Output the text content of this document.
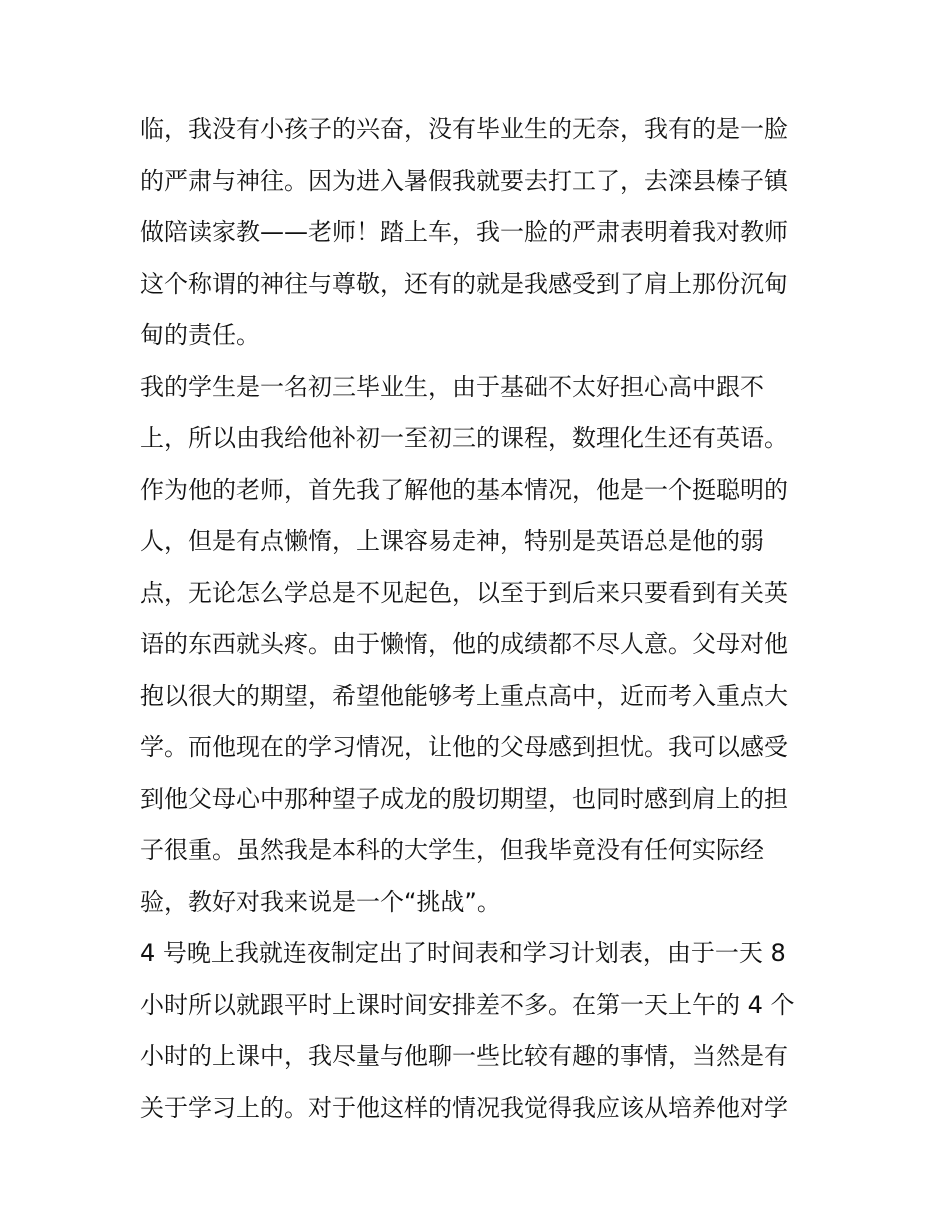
临，我没有小孩子的兴奋，没有毕业生的无奈，我有的是一脸
的严肃与神往。因为进入暑假我就要去打工了，去滦县榛子镇
做陪读家教——老师！踏上车，我一脸的严肃表明着我对教师
这个称谓的神往与尊敬，还有的就是我感受到了肩上那份沉甸
甸的责任。
我的学生是一名初三毕业生，由于基础不太好担心高中跟不
上，所以由我给他补初一至初三的课程，数理化生还有英语。
作为他的老师，首先我了解他的基本情况，他是一个挺聪明的
人，但是有点懒惰，上课容易走神，特别是英语总是他的弱
点，无论怎么学总是不见起色，以至于到后来只要看到有关英
语的东西就头疼。由于懒惰，他的成绩都不尽人意。父母对他
抱以很大的期望，希望他能够考上重点高中，近而考入重点大
学。而他现在的学习情况，让他的父母感到担忧。我可以感受
到他父母心中那种望子成龙的殷切期望，也同时感到肩上的担
子很重。虽然我是本科的大学生，但我毕竟没有任何实际经
验，教好对我来说是一个“挑战”。
4 号晚上我就连夜制定出了时间表和学习计划表，由于一天 8
小时所以就跟平时上课时间安排差不多。在第一天上午的 4 个
小时的上课中，我尽量与他聊一些比较有趣的事情，当然是有
关于学习上的。对于他这样的情况我觉得我应该从培养他对学
